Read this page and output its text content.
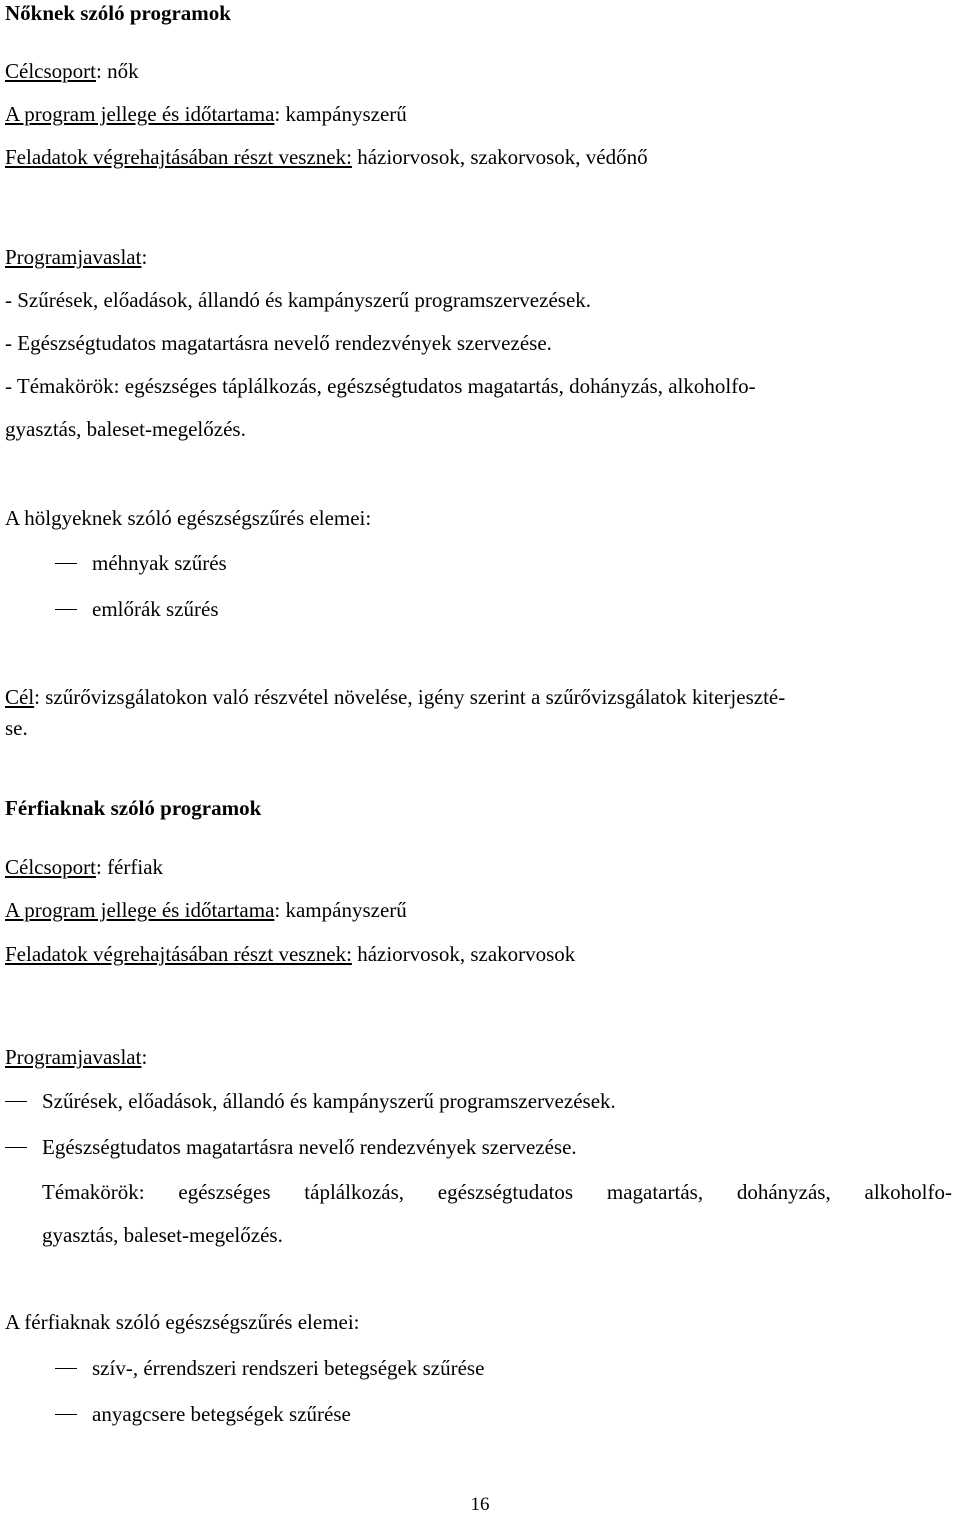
Nőknek szóló programok
Célcsoport: nők
A program jellege és időtartama: kampányszerű
Feladatok végrehajtásában részt vesznek: háziorvosok, szakorvosok, védőnő
Programjavaslat:
- Szűrések, előadások, állandó és kampányszerű programszervezések.
- Egészségtudatos magatartásra nevelő rendezvények szervezése.
- Témakörök: egészséges táplálkozás, egészségtudatos magatartás, dohányzás, alkoholfo-
gyasztás, baleset-megelőzés.
A hölgyeknek szóló egészségszűrés elemei:
méhnyak szűrés
emlőrák szűrés
Cél: szűrővizsgálatokon való részvétel növelése, igény szerint a szűrővizsgálatok kiterjeszté-
se.
Férfiaknak szóló programok
Célcsoport: férfiak
A program jellege és időtartama: kampányszerű
Feladatok végrehajtásában részt vesznek: háziorvosok, szakorvosok
Programjavaslat:
Szűrések, előadások, állandó és kampányszerű programszervezések.
Egészségtudatos magatartásra nevelő rendezvények szervezése.
Témakörök: egészséges táplálkozás, egészségtudatos magatartás, dohányzás, alkoholfo-
gyasztás, baleset-megelőzés.
A férfiaknak szóló egészségszűrés elemei:
szív-, érrendszeri rendszeri betegségek szűrése
anyagcsere betegségek szűrése
16
